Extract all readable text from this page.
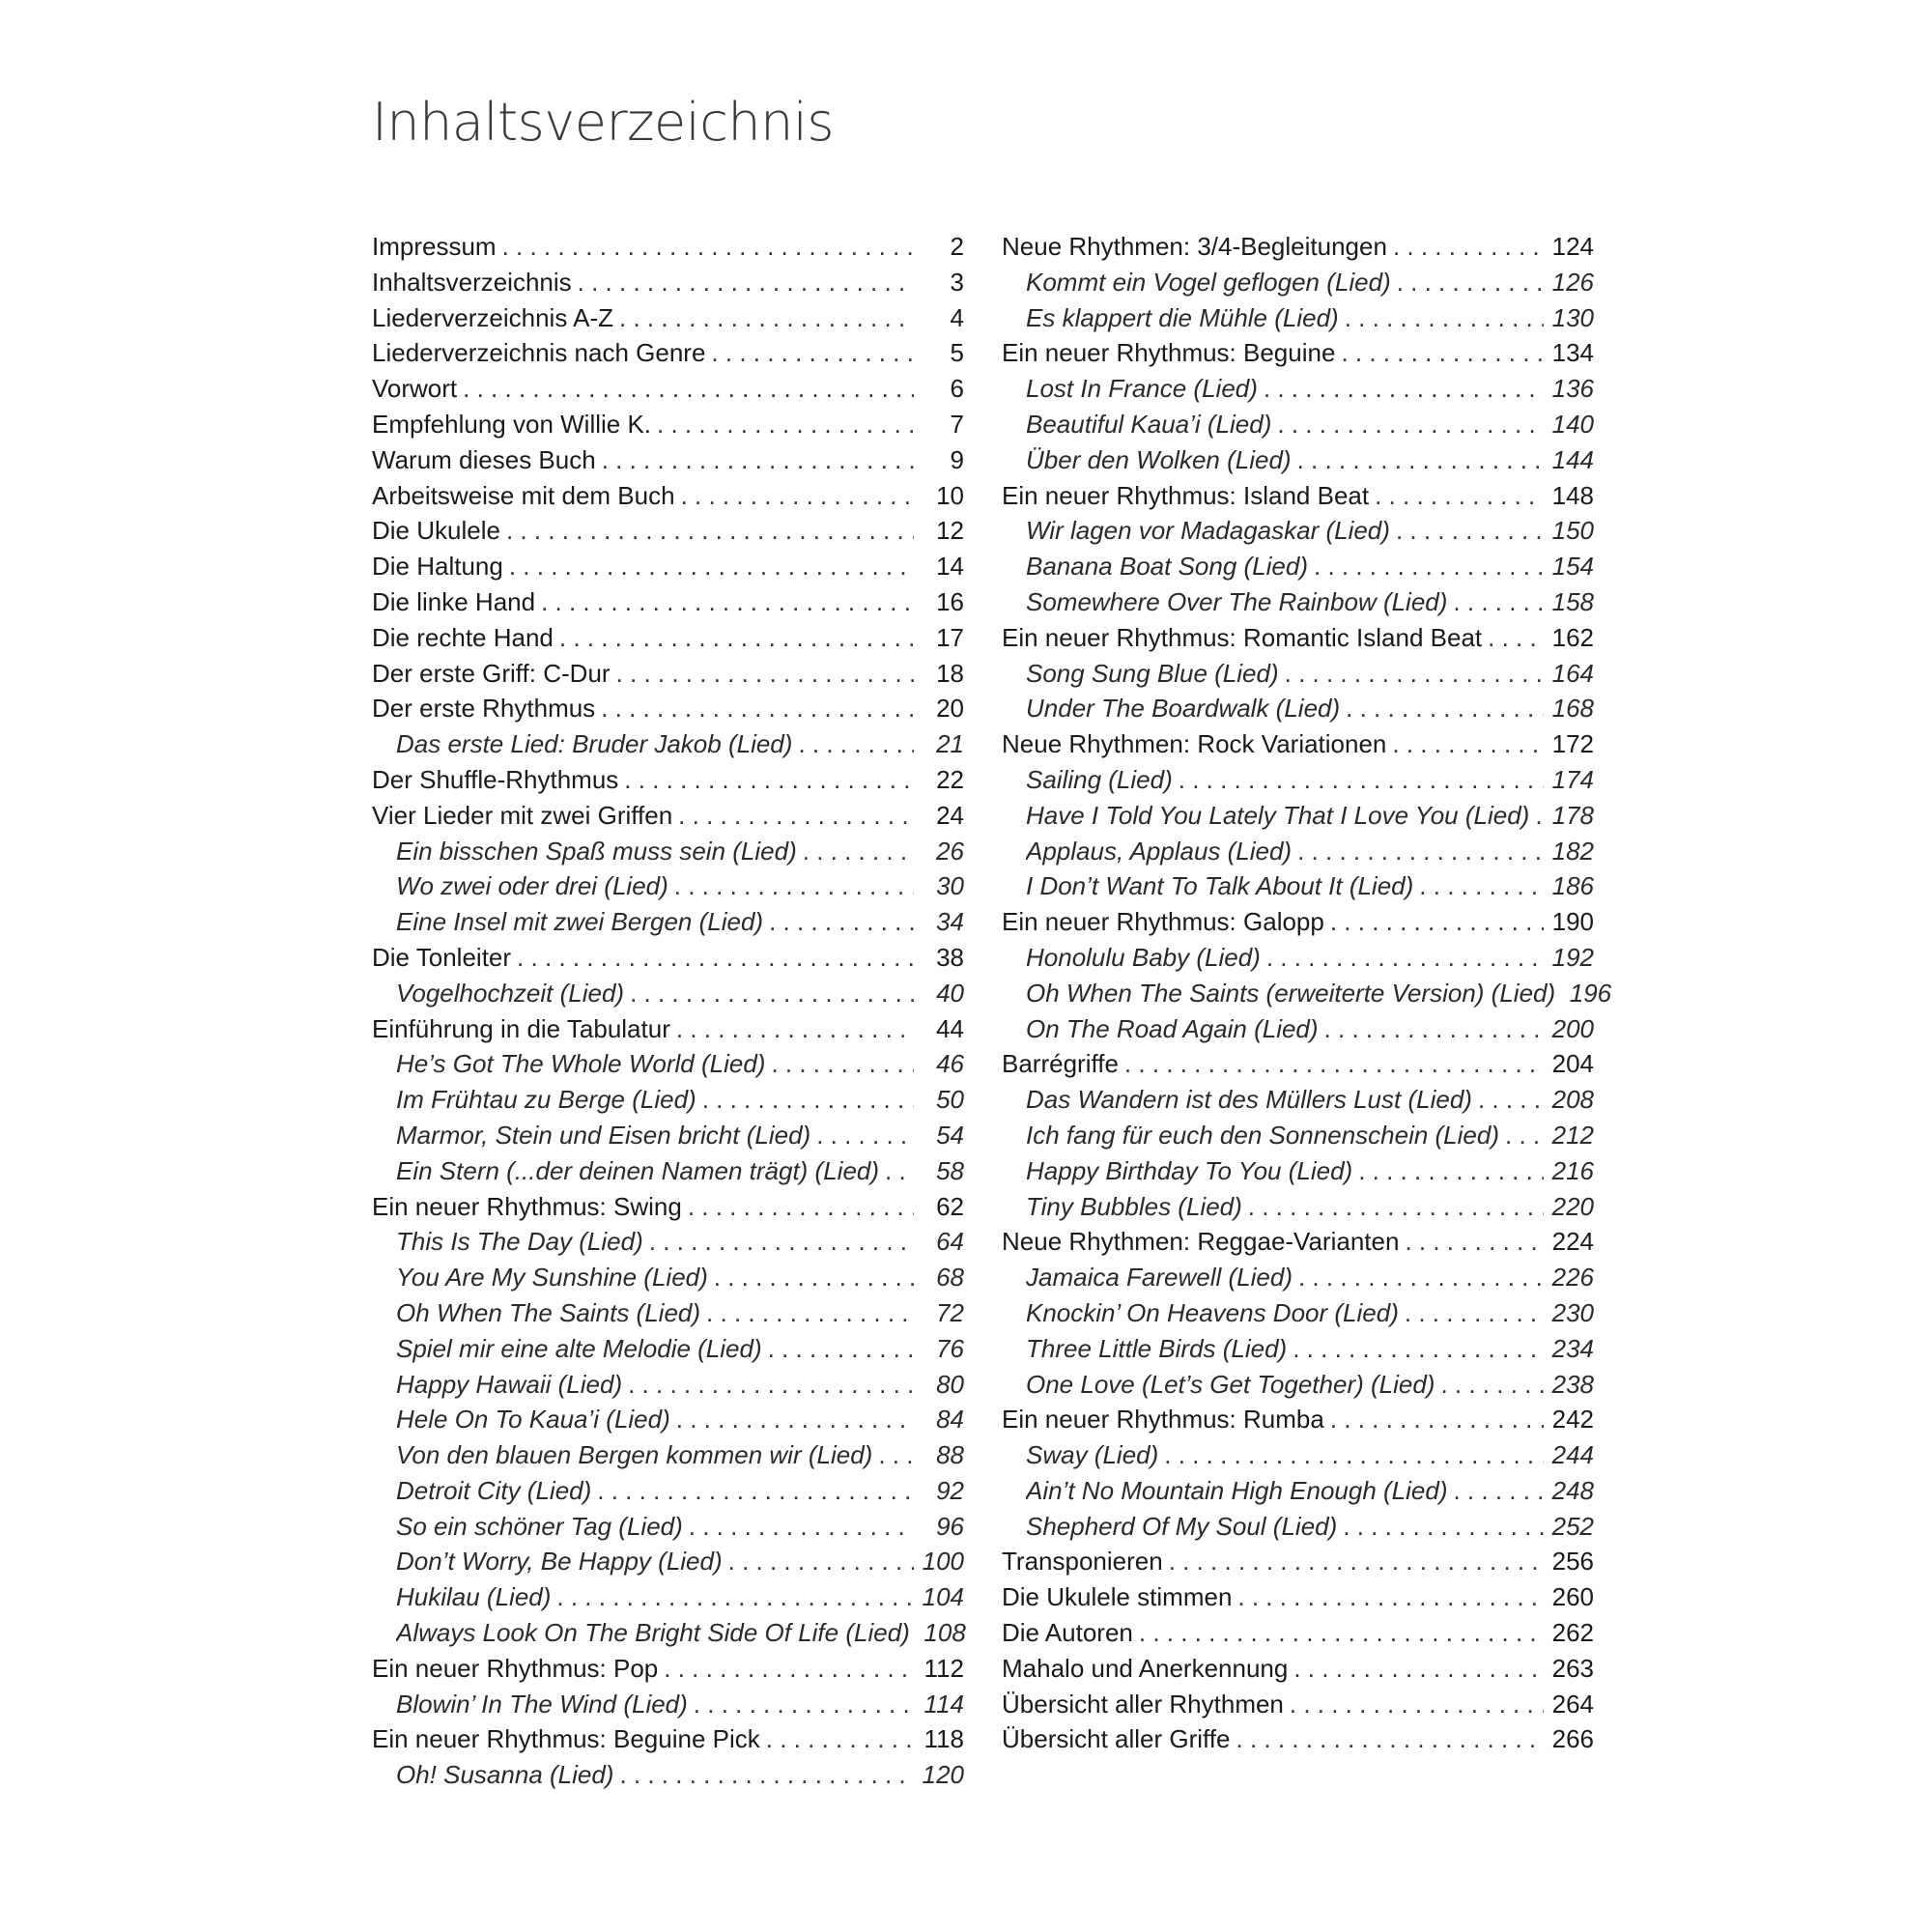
Inhaltsverzeichnis
Impressum . . .	2
Inhaltsverzeichnis . . .	3
Liederverzeichnis A-Z . . .	4
Liederverzeichnis nach Genre . . .	5
Vorwort . . .	6
Empfehlung von Willie K. . . .	7
Warum dieses Buch . . .	9
Arbeitsweise mit dem Buch . . .	10
Die Ukulele . . .	12
Die Haltung . . .	14
Die linke Hand . . .	16
Die rechte Hand . . .	17
Der erste Griff: C-Dur . . .	18
Der erste Rhythmus . . .	20
Das erste Lied: Bruder Jakob (Lied) . . .	21
Der Shuffle-Rhythmus . . .	22
Vier Lieder mit zwei Griffen . . .	24
Ein bisschen Spaß muss sein (Lied) . . .	26
Wo zwei oder drei (Lied) . . .	30
Eine Insel mit zwei Bergen (Lied) . . .	34
Die Tonleiter . . .	38
Vogelhochzeit (Lied) . . .	40
Einführung in die Tabulatur . . .	44
He’s Got The Whole World (Lied) . . .	46
Im Frühtau zu Berge (Lied) . . .	50
Marmor, Stein und Eisen bricht (Lied) . . .	54
Ein Stern (...der deinen Namen trägt) (Lied) . . .	58
Ein neuer Rhythmus: Swing . . .	62
This Is The Day (Lied) . . .	64
You Are My Sunshine (Lied) . . .	68
Oh When The Saints (Lied) . . .	72
Spiel mir eine alte Melodie (Lied) . . .	76
Happy Hawaii (Lied) . . .	80
Hele On To Kaua’i (Lied) . . .	84
Von den blauen Bergen kommen wir (Lied) . . .	88
Detroit City (Lied) . . .	92
So ein schöner Tag (Lied) . . .	96
Don’t Worry, Be Happy (Lied) . . .	100
Hukilau (Lied) . . .	104
Always Look On The Bright Side Of Life (Lied) 108
Ein neuer Rhythmus: Pop . . .	112
Blowin’ In The Wind (Lied) . . .	114
Ein neuer Rhythmus: Beguine Pick . . .	118
Oh! Susanna (Lied) . . .	120
Neue Rhythmen: 3/4-Begleitungen . . .	124
Kommt ein Vogel geflogen (Lied) . . .	126
Es klappert die Mühle (Lied) . . .	130
Ein neuer Rhythmus: Beguine . . .	134
Lost In France (Lied) . . .	136
Beautiful Kaua’i (Lied) . . .	140
Über den Wolken (Lied) . . .	144
Ein neuer Rhythmus: Island Beat . . .	148
Wir lagen vor Madagaskar (Lied) . . .	150
Banana Boat Song (Lied) . . .	154
Somewhere Over The Rainbow (Lied) . . .	158
Ein neuer Rhythmus: Romantic Island Beat . . .	162
Song Sung Blue (Lied) . . .	164
Under The Boardwalk (Lied) . . .	168
Neue Rhythmen: Rock Variationen . . .	172
Sailing (Lied) . . .	174
Have I Told You Lately That I Love You (Lied) . . . 178
Applaus, Applaus (Lied) . . .	182
I Don’t Want To Talk About It (Lied) . . .	186
Ein neuer Rhythmus: Galopp . . .	190
Honolulu Baby (Lied) . . .	192
Oh When The Saints (erweiterte Version) (Lied) 196
On The Road Again (Lied) . . .	200
Barrégriffe . . .	204
Das Wandern ist des Müllers Lust (Lied) . . .	208
Ich fang für euch den Sonnenschein (Lied) . . . 212
Happy Birthday To You (Lied) . . .	216
Tiny Bubbles (Lied) . . .	220
Neue Rhythmen: Reggae-Varianten . . .	224
Jamaica Farewell (Lied) . . .	226
Knockin’ On Heavens Door (Lied) . . .	230
Three Little Birds (Lied) . . .	234
One Love (Let’s Get Together) (Lied) . . .	238
Ein neuer Rhythmus: Rumba . . .	242
Sway (Lied) . . .	244
Ain’t No Mountain High Enough (Lied) . . .	248
Shepherd Of My Soul (Lied) . . .	252
Transponieren . . .	256
Die Ukulele stimmen . . .	260
Die Autoren . . .	262
Mahalo und Anerkennung . . .	263
Übersicht aller Rhythmen . . .	264
Übersicht aller Griffe . . .	266
